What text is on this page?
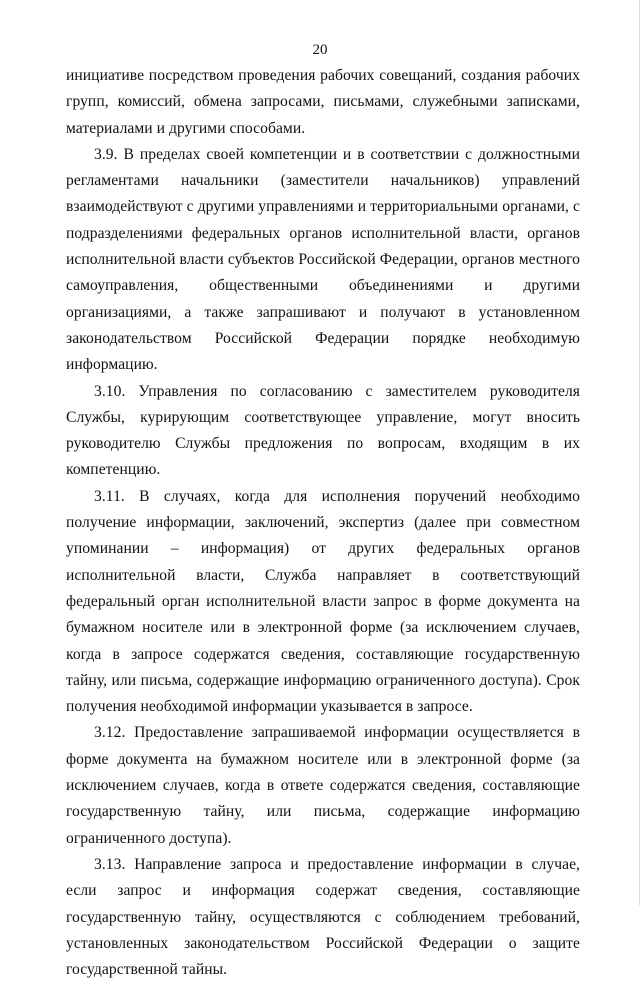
20

инициативе посредством проведения рабочих совещаний, создания рабочих групп, комиссий, обмена запросами, письмами, служебными записками, материалами и другими способами.

3.9. В пределах своей компетенции и в соответствии с должностными регламентами начальники (заместители начальников) управлений взаимодействуют с другими управлениями и территориальными органами, с подразделениями федеральных органов исполнительной власти, органов исполнительной власти субъектов Российской Федерации, органов местного самоуправления, общественными объединениями и другими организациями, а также запрашивают и получают в установленном законодательством Российской Федерации порядке необходимую информацию.

3.10. Управления по согласованию с заместителем руководителя Службы, курирующим соответствующее управление, могут вносить руководителю Службы предложения по вопросам, входящим в их компетенцию.

3.11. В случаях, когда для исполнения поручений необходимо получение информации, заключений, экспертиз (далее при совместном упоминании – информация) от других федеральных органов исполнительной власти, Служба направляет в соответствующий федеральный орган исполнительной власти запрос в форме документа на бумажном носителе или в электронной форме (за исключением случаев, когда в запросе содержатся сведения, составляющие государственную тайну, или письма, содержащие информацию ограниченного доступа). Срок получения необходимой информации указывается в запросе.

3.12. Предоставление запрашиваемой информации осуществляется в форме документа на бумажном носителе или в электронной форме (за исключением случаев, когда в ответе содержатся сведения, составляющие государственную тайну, или письма, содержащие информацию ограниченного доступа).

3.13. Направление запроса и предоставление информации в случае, если запрос и информация содержат сведения, составляющие государственную тайну, осуществляются с соблюдением требований, установленных законодательством Российской Федерации о защите государственной тайны.
